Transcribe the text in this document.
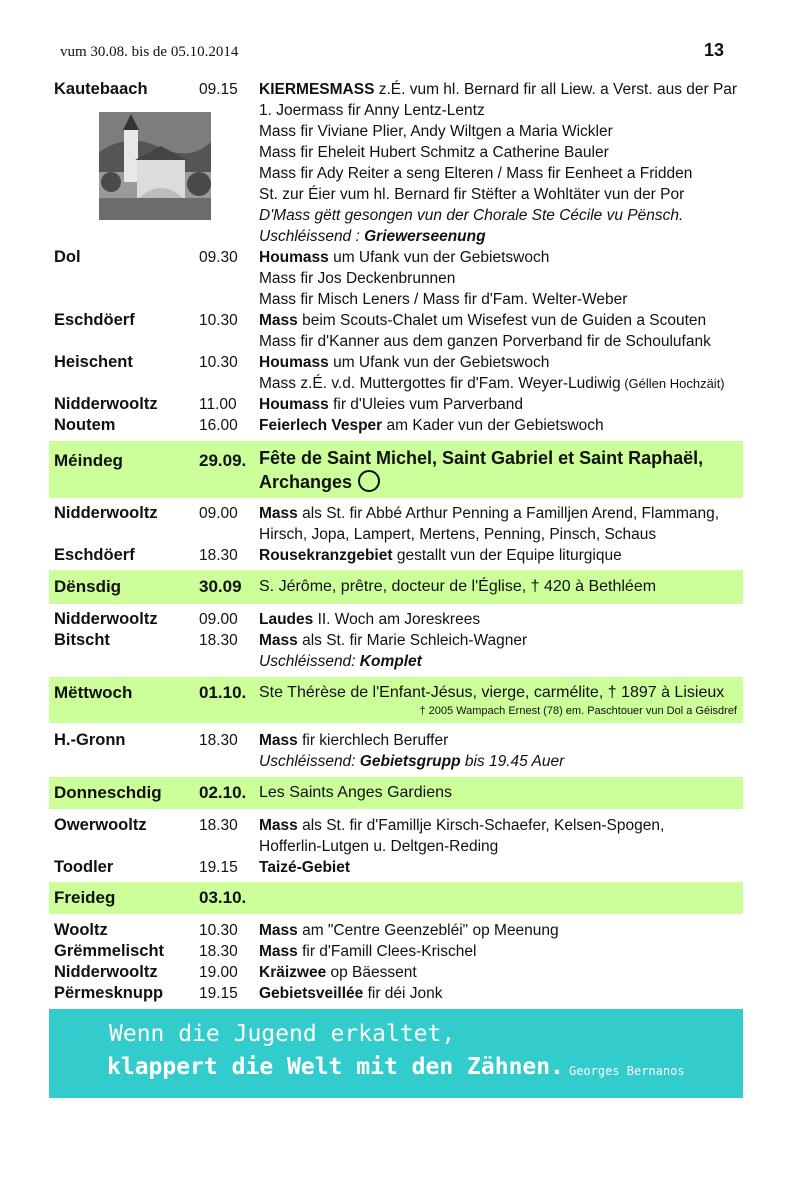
vum 30.08. bis de 05.10.2014	13
Kautebaach	09.15 KIERMESMASS z.É. vum hl. Bernard fir all Liew. a Verst. aus der Par
1. Joermass fir Anny Lentz-Lentz
Mass fir Viviane Plier, Andy Wiltgen a Maria Wickler
Mass fir Eheleit Hubert Schmitz a Catherine Bauler
Mass fir Ady Reiter a seng Elteren / Mass fir Eenheet a Fridden
St. zur Éier vum hl. Bernard fir Stëfter a Wohltäter vun der Por
D'Mass gëtt gesongen vun der Chorale Ste Cécile vu Pënsch.
Uschléissend : Griewerseenung
Dol	09.30 Houmass um Ufank vun der Gebietswoch
Mass fir Jos Deckenbrunnen
Mass fir Misch Leners / Mass fir d'Fam. Welter-Weber
Eschdöerf	10.30 Mass beim Scouts-Chalet um Wisefest vun de Guiden a Scouten
Mass fir d'Kanner aus dem ganzen Porverband fir de Schoulufank
Heischent	10.30 Houmass um Ufank vun der Gebietswoch
Mass z.É. v.d. Muttergottes fir d'Fam. Weyer-Ludiwig (Géllen Hochzäit)
Nidderwooltz	11.00 Houmass fir d'Uleies vum Parverband
Noutem	16.00 Feierlech Vesper am Kader vun der Gebietswoch
Méindeg	29.09. Fête de Saint Michel, Saint Gabriel et Saint Raphaël,
Archanges
Nidderwooltz	09.00 Mass als St. fir Abbé Arthur Penning a Familljen Arend, Flammang,
Hirsch, Jopa, Lampert, Mertens, Penning, Pinsch, Schaus
Eschdöerf	18.30 Rousekranzgebiet gestallt vun der Equipe liturgique
Dënsdig	30.09 S. Jérôme, prêtre, docteur de l'Église, † 420 à Bethléem
Nidderwooltz	09.00 Laudes II. Woch am Joreskrees
Bitscht	18.30 Mass als St. fir Marie Schleich-Wagner
Uschléissend: Komplet
Mëttwoch	01.10. Ste Thérèse de l'Enfant-Jésus, vierge, carmélite, † 1897 à Lisieux
† 2005 Wampach Ernest (78) em. Paschtouer vun Dol a Géisdref
H.-Gronn	18.30 Mass fir kierchlech Beruffer
Uschléissend: Gebietsgrupp bis 19.45 Auer
Donneschdig 02.10. Les Saints Anges Gardiens
Owerwooltz	18.30 Mass als St. fir d'Famillje Kirsch-Schaefer, Kelsen-Spogen,
Hofferlin-Lutgen u. Deltgen-Reding
Toodler	19.15 Taizé-Gebiet
Freideg	03.10.
Wooltz	10.30 Mass am "Centre Geenzebléi" op Meenung
Grëmmelischt 18.30 Mass fir d'Famill Clees-Krischel
Nidderwooltz	19.00 Kräizwee op Bäessent
Përmesknupp 19.15 Gebietsveillée fir déi Jonk
Wenn die Jugend erkaltet,
klappert die Welt mit den Zähnen. Georges Bernanos
